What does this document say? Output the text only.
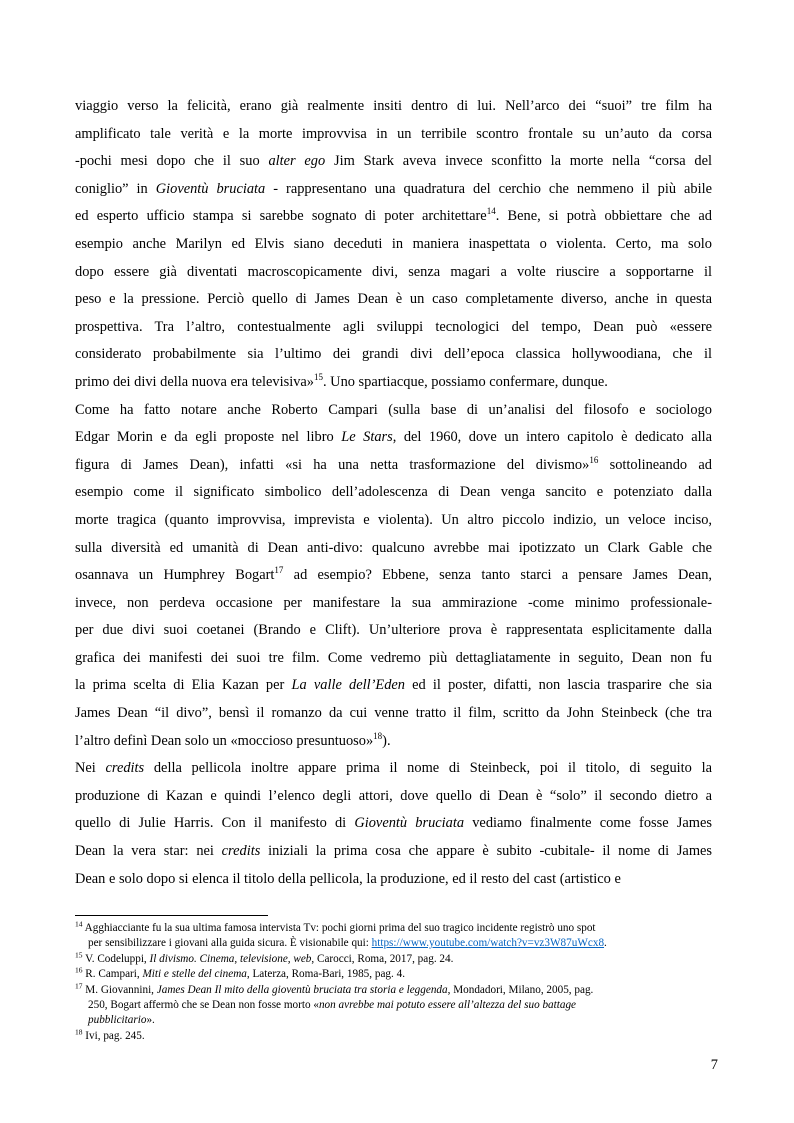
viaggio verso la felicità, erano già realmente insiti dentro di lui. Nell’arco dei “suoi” tre film ha
amplificato tale verità e la morte improvvisa in un terribile scontro frontale su un’auto da corsa
-pochi mesi dopo che il suo alter ego Jim Stark aveva invece sconfitto la morte nella “corsa del
coniglio” in Gioventù bruciata - rappresentano una quadratura del cerchio che nemmeno il più abile
ed esperto ufficio stampa si sarebbe sognato di poter architettare$^{14}$. Bene, si potrà obbiettare che ad
esempio anche Marilyn ed Elvis siano deceduti in maniera inaspettata o violenta. Certo, ma solo
dopo essere già diventati macroscopicamente divi, senza magari a volte riuscire a sopportarne il
peso e la pressione. Perciò quello di James Dean è un caso completamente diverso, anche in questa
prospettiva. Tra l’altro, contestualmente agli sviluppi tecnologici del tempo, Dean può «essere
considerato probabilmente sia l’ultimo dei grandi divi dell’epoca classica hollywoodiana, che il
primo dei divi della nuova era televisiva»$^{15}$. Uno spartiacque, possiamo confermare, dunque.
Come ha fatto notare anche Roberto Campari (sulla base di un’analisi del filosofo e sociologo
Edgar Morin e da egli proposte nel libro Le Stars, del 1960, dove un intero capitolo è dedicato alla
figura di James Dean), infatti «si ha una netta trasformazione del divismo»$^{16}$ sottolineando ad
esempio come il significato simbolico dell’adolescenza di Dean venga sancito e potenziato dalla
morte tragica (quanto improvvisa, imprevista e violenta). Un altro piccolo indizio, un veloce inciso,
sulla diversità ed umanità di Dean anti-divo: qualcuno avrebbe mai ipotizzato un Clark Gable che
osannava un Humphrey Bogart$^{17}$ ad esempio? Ebbene, senza tanto starci a pensare James Dean,
invece, non perdeva occasione per manifestare la sua ammirazione -come minimo professionale-
per due divi suoi coetanei (Brando e Clift). Un’ulteriore prova è rappresentata esplicitamente dalla
grafica dei manifesti dei suoi tre film. Come vedremo più dettagliatamente in seguito, Dean non fu
la prima scelta di Elia Kazan per La valle dell’Eden ed il poster, difatti, non lascia trasparire che sia
James Dean “il divo”, bensì il romanzo da cui venne tratto il film, scritto da John Steinbeck (che tra
l’altro definì Dean solo un «moccioso presuntuoso»$^{18}$).
Nei credits della pellicola inoltre appare prima il nome di Steinbeck, poi il titolo, di seguito la
produzione di Kazan e quindi l’elenco degli attori, dove quello di Dean è “solo” il secondo dietro a
quello di Julie Harris. Con il manifesto di Gioventù bruciata vediamo finalmente come fosse James
Dean la vera star: nei credits iniziali la prima cosa che appare è subito -cubitale- il nome di James
Dean e solo dopo si elenca il titolo della pellicola, la produzione, ed il resto del cast (artistico e
$^{14}$ Agghiacciante fu la sua ultima famosa intervista Tv: pochi giorni prima del suo tragico incidente registrò uno spot
per sensibilizzare i giovani alla guida sicura. È visionabile qui: https://www.youtube.com/watch?v=vz3W87uWcx8.
$^{15}$ V. Codeluppi, Il divismo. Cinema, televisione, web, Carocci, Roma, 2017, pag. 24.
$^{16}$ R. Campari, Miti e stelle del cinema, Laterza, Roma-Bari, 1985, pag. 4.
$^{17}$ M. Giovannini, James Dean Il mito della gioventù bruciata tra storia e leggenda, Mondadori, Milano, 2005, pag.
250, Bogart affermò che se Dean non fosse morto «non avrebbe mai potuto essere all’altezza del suo battage
pubblicitario».
$^{18}$ Ivi, pag. 245.
7
